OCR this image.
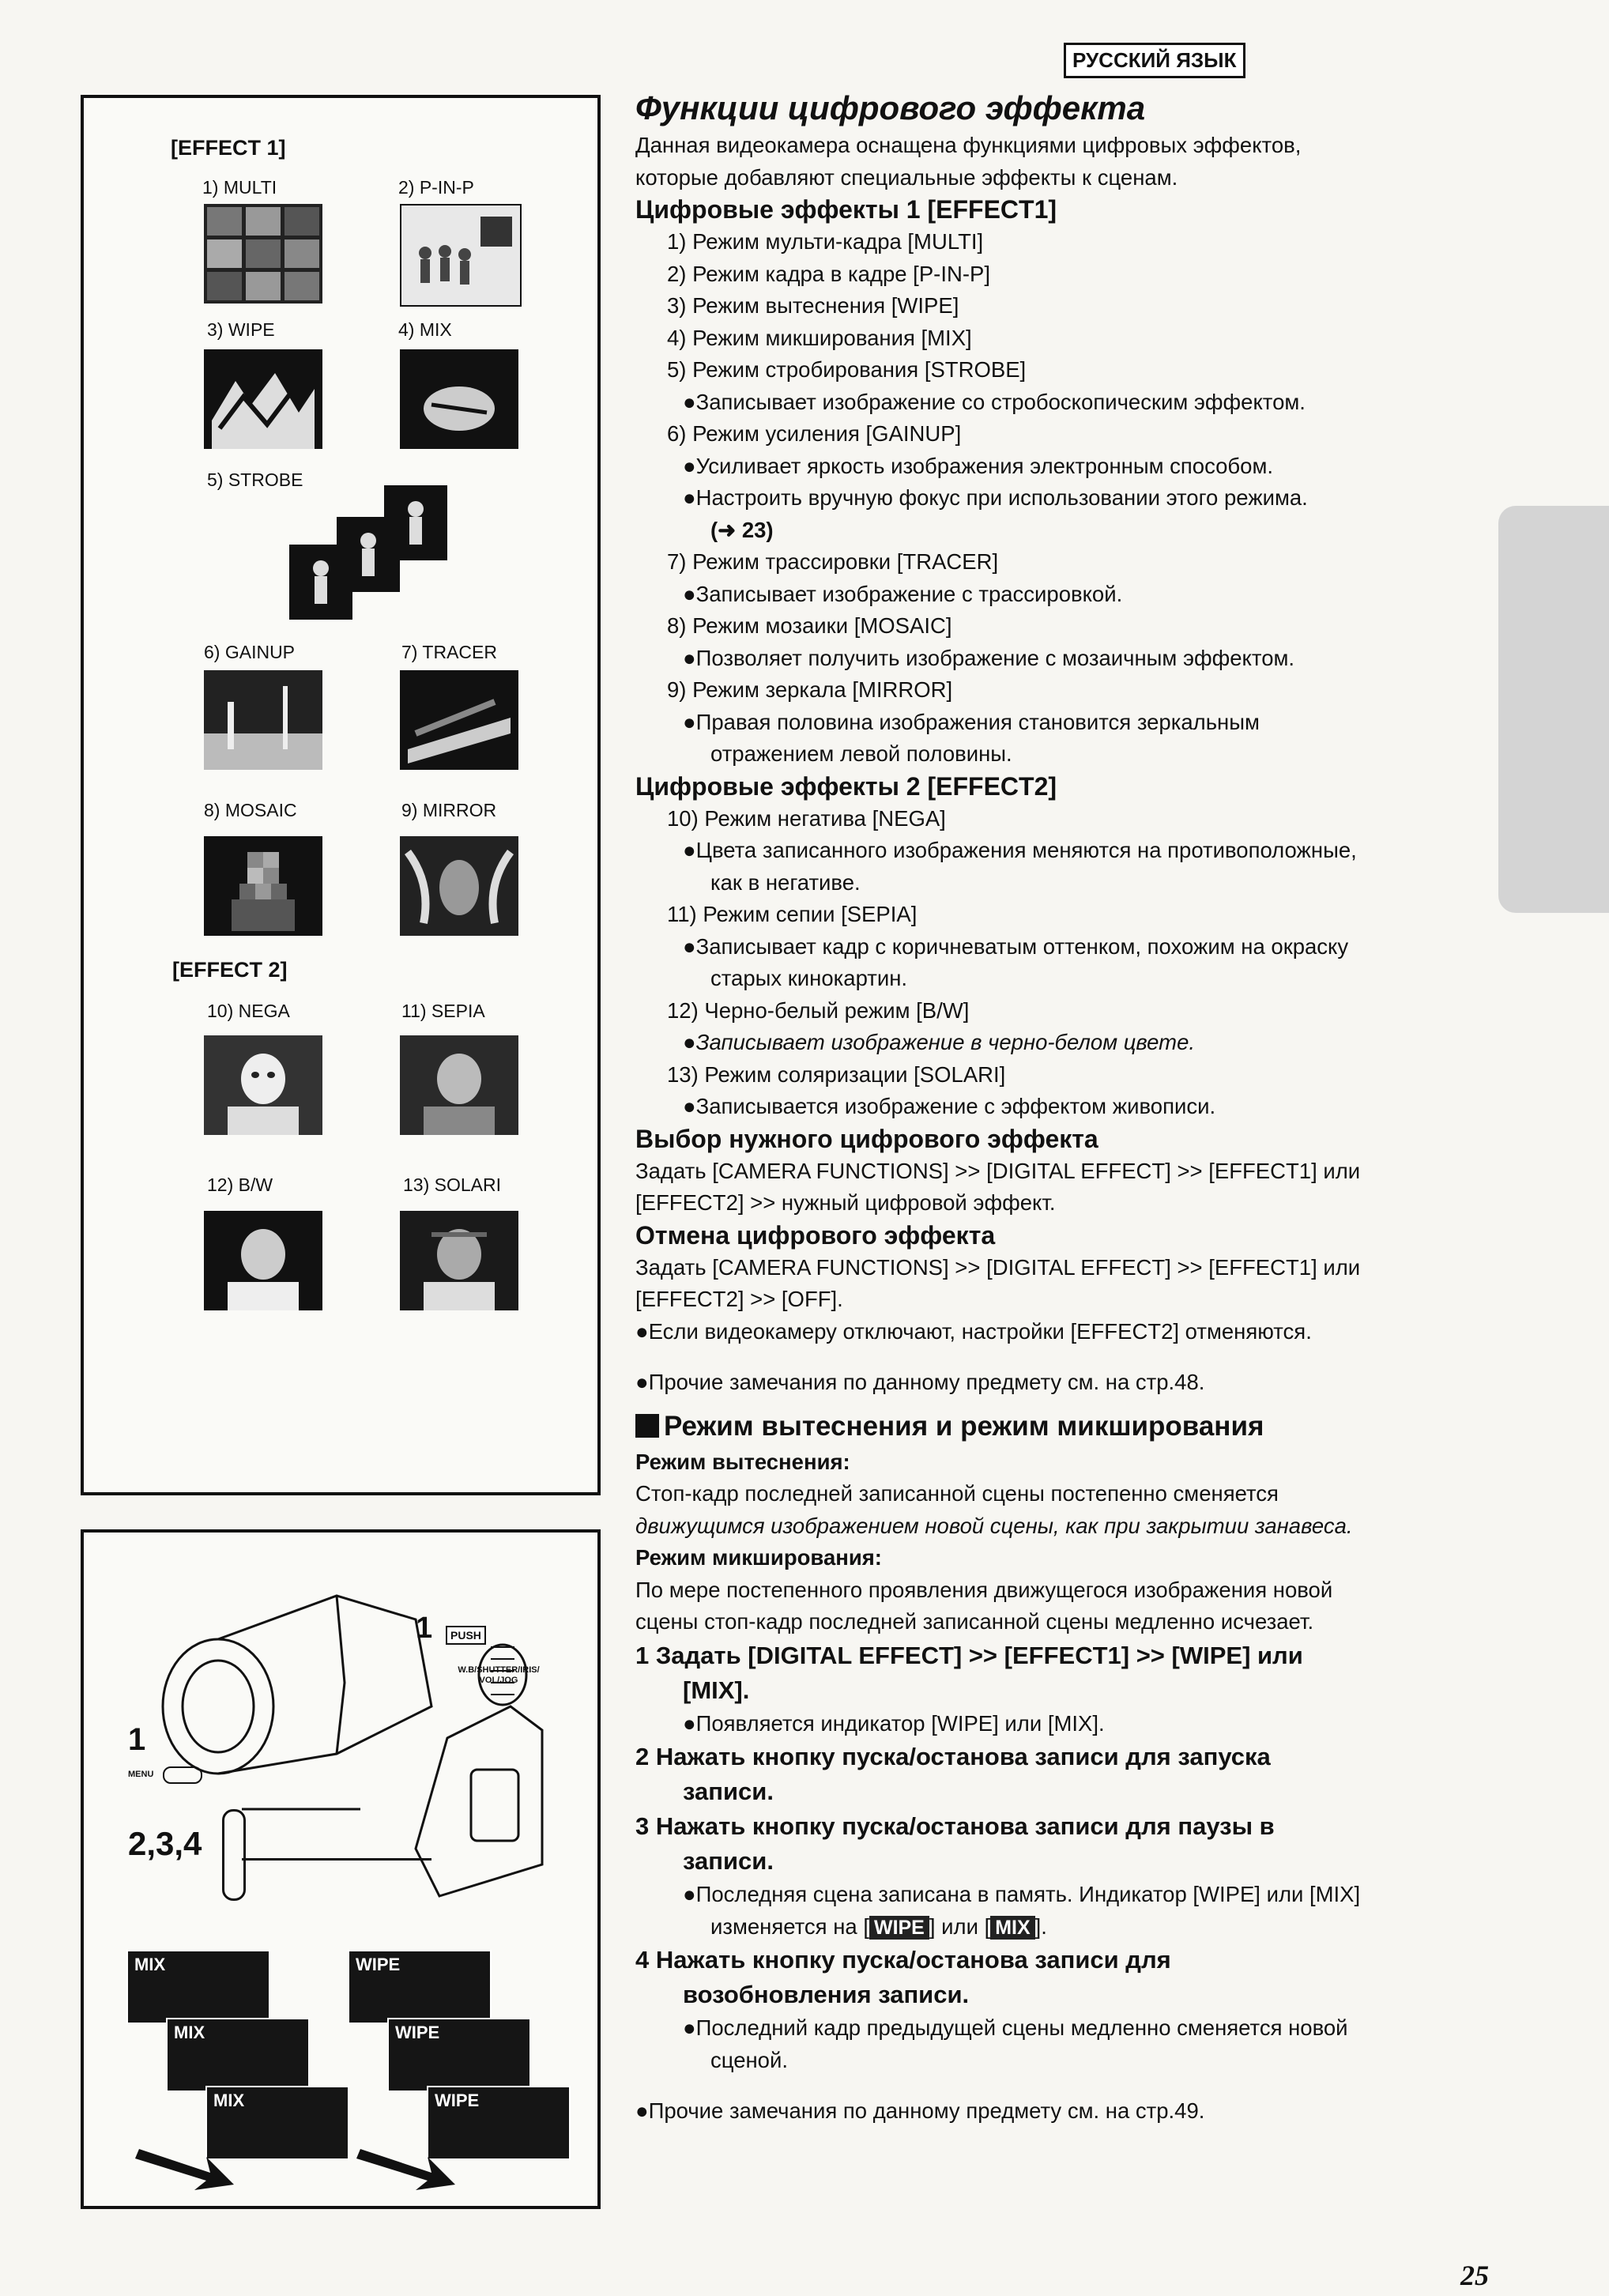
РУССКИЙ ЯЗЫК
[EFFECT 1]
1) MULTI	2) P-IN-P
3) WIPE	4) MIX
5) STROBE
6) GAINUP	7) TRACER
8) MOSAIC	9) MIRROR
[EFFECT 2]
10) NEGA	11) SEPIA
12) B/W	13) SOLARI
1	PUSH
W.B/SHUTTER/IRIS/ VOL/JOG
1
MENU
2,3,4
MIX
MIX
MIX
WIPE
WIPE
WIPE

Функции цифрового эффекта

Данная видеокамера оснащена функциями цифровых эффектов,

которые добавляют специальные эффекты к сценам.

Цифровые эффекты 1 [EFFECT1]

1) Режим мульти-кадра [MULTI]

2) Режим кадра в кадре [P-IN-P]

3) Режим вытеснения [WIPE]

4) Режим микширования [MIX]

5) Режим стробирования [STROBE]

●Записывает изображение со стробоскопическим эффектом.

6) Режим усиления [GAINUP]

●Усиливает яркость изображения электронным способом.

●Настроить вручную фокус при использовании этого режима.

(➜ 23)

7) Режим трассировки [TRACER]

●Записывает изображение с трассировкой.

8) Режим мозаики [MOSAIC]

●Позволяет получить изображение с мозаичным эффектом.

9) Режим зеркала [MIRROR]

●Правая половина изображения становится зеркальным

отражением левой половины.

Цифровые эффекты 2 [EFFECT2]

10) Режим негатива [NEGA]

●Цвета записанного изображения меняются на противоположные,

как в негативе.

11) Режим сепии [SEPIA]

●Записывает кадр с коричневатым оттенком, похожим на окраску

старых кинокартин.

12) Черно-белый режим [B/W]

●Записывает изображение в черно-белом цвете.

13) Режим соляризации [SOLARI]

●Записывается изображение с эффектом живописи.

Выбор нужного цифрового эффекта

Задать [CAMERA FUNCTIONS] >> [DIGITAL EFFECT] >> [EFFECT1] или

[EFFECT2] >> нужный цифровой эффект.

Отмена цифрового эффекта

Задать [CAMERA FUNCTIONS] >> [DIGITAL EFFECT] >> [EFFECT1] или

[EFFECT2] >> [OFF].

●Если видеокамеру отключают, настройки [EFFECT2] отменяются.

●Прочие замечания по данному предмету см. на стр.48.

Режим вытеснения и режим микширования

Режим вытеснения:

Стоп-кадр последней записанной сцены постепенно сменяется

движущимся изображением новой сцены, как при закрытии занавеса.

Режим микширования:

По мере постепенного проявления движущегося изображения новой

сцены стоп-кадр последней записанной сцены медленно исчезает.

1 Задать [DIGITAL EFFECT] >> [EFFECT1] >> [WIPE] или

[MIX].

●Появляется индикатор [WIPE] или [MIX].

2 Нажать кнопку пуска/останова записи для запуска

записи.

3 Нажать кнопку пуска/останова записи для паузы в

записи.

●Последняя сцена записана в память. Индикатор [WIPE] или [MIX]

изменяется на [ WIPE ] или [ MIX ].

4 Нажать кнопку пуска/останова записи для

возобновления записи.

●Последний кадр предыдущей сцены медленно сменяется новой

сценой.

●Прочие замечания по данному предмету см. на стр.49.

25
